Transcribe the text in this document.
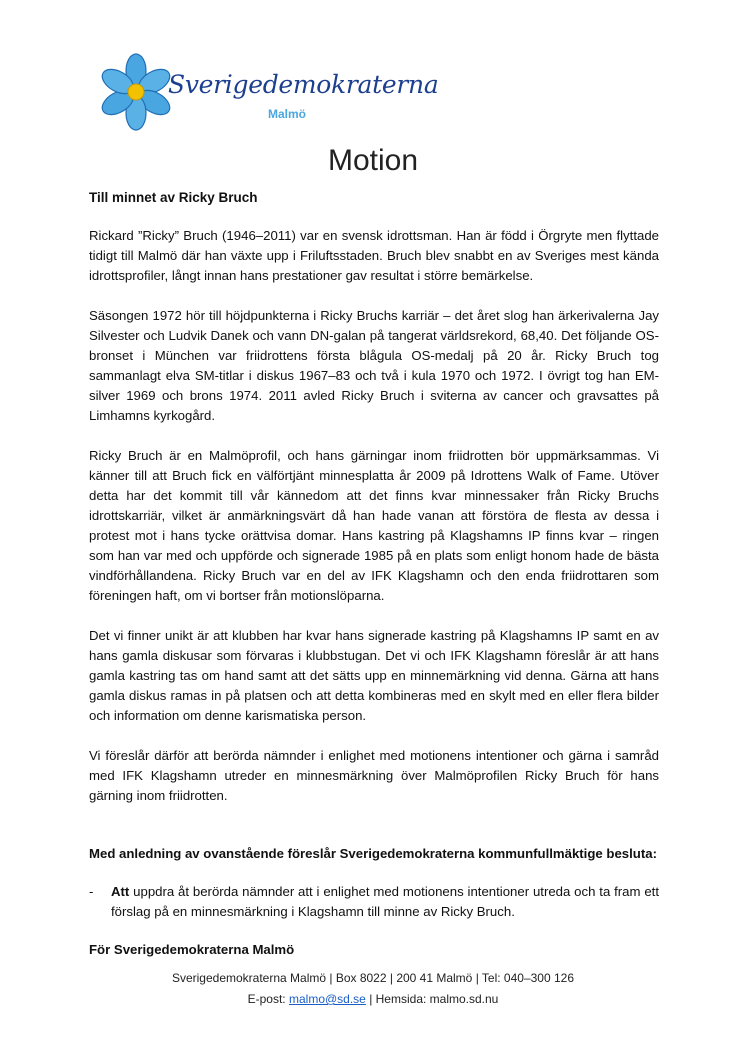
Sverigedemokraterna
Malmö
Motion

Till minnet av Ricky Bruch

Rickard ”Ricky” Bruch (1946–2011) var en svensk idrottsman. Han är född i Örgryte men flyttade tidigt till Malmö där han växte upp i Friluftsstaden. Bruch blev snabbt en av Sveriges mest kända idrottsprofiler, långt innan hans prestationer gav resultat i större bemärkelse.

Säsongen 1972 hör till höjdpunkterna i Ricky Bruchs karriär – det året slog han ärkerivalerna Jay Silvester och Ludvik Danek och vann DN-galan på tangerat världsrekord, 68,40. Det följande OS-bronset i München var friidrottens första blågula OS-medalj på 20 år. Ricky Bruch tog sammanlagt elva SM-titlar i diskus 1967–83 och två i kula 1970 och 1972. I övrigt tog han EM-silver 1969 och brons 1974. 2011 avled Ricky Bruch i sviterna av cancer och gravsattes på Limhamns kyrkogård.

Ricky Bruch är en Malmöprofil, och hans gärningar inom friidrotten bör uppmärksammas. Vi känner till att Bruch fick en välförtjänt minnesplatta år 2009 på Idrottens Walk of Fame. Utöver detta har det kommit till vår kännedom att det finns kvar minnessaker från Ricky Bruchs idrottskarriär, vilket är anmärkningsvärt då han hade vanan att förstöra de flesta av dessa i protest mot i hans tycke orättvisa domar. Hans kastring på Klagshamns IP finns kvar – ringen som han var med och uppförde och signerade 1985 på en plats som enligt honom hade de bästa vindförhållandena. Ricky Bruch var en del av IFK Klagshamn och den enda friidrottaren som föreningen haft, om vi bortser från motionslöparna.

Det vi finner unikt är att klubben har kvar hans signerade kastring på Klagshamns IP samt en av hans gamla diskusar som förvaras i klubbstugan. Det vi och IFK Klagshamn föreslår är att hans gamla kastring tas om hand samt att det sätts upp en minnemärkning vid denna. Gärna att hans gamla diskus ramas in på platsen och att detta kombineras med en skylt med en eller flera bilder och information om denne karismatiska person.

Vi föreslår därför att berörda nämnder i enlighet med motionens intentioner och gärna i samråd med IFK Klagshamn utreder en minnesmärkning över Malmöprofilen Ricky Bruch för hans gärning inom friidrotten.

Med anledning av ovanstående föreslår Sverigedemokraterna kommunfullmäktige besluta:

-	Att uppdra åt berörda nämnder att i enlighet med motionens intentioner utreda och ta fram ett förslag på en minnesmärkning i Klagshamn till minne av Ricky Bruch.

För Sverigedemokraterna Malmö

Sverigedemokraterna Malmö | Box 8022 | 200 41 Malmö | Tel: 040–300 126
E-post: malmo@sd.se | Hemsida: malmo.sd.nu
